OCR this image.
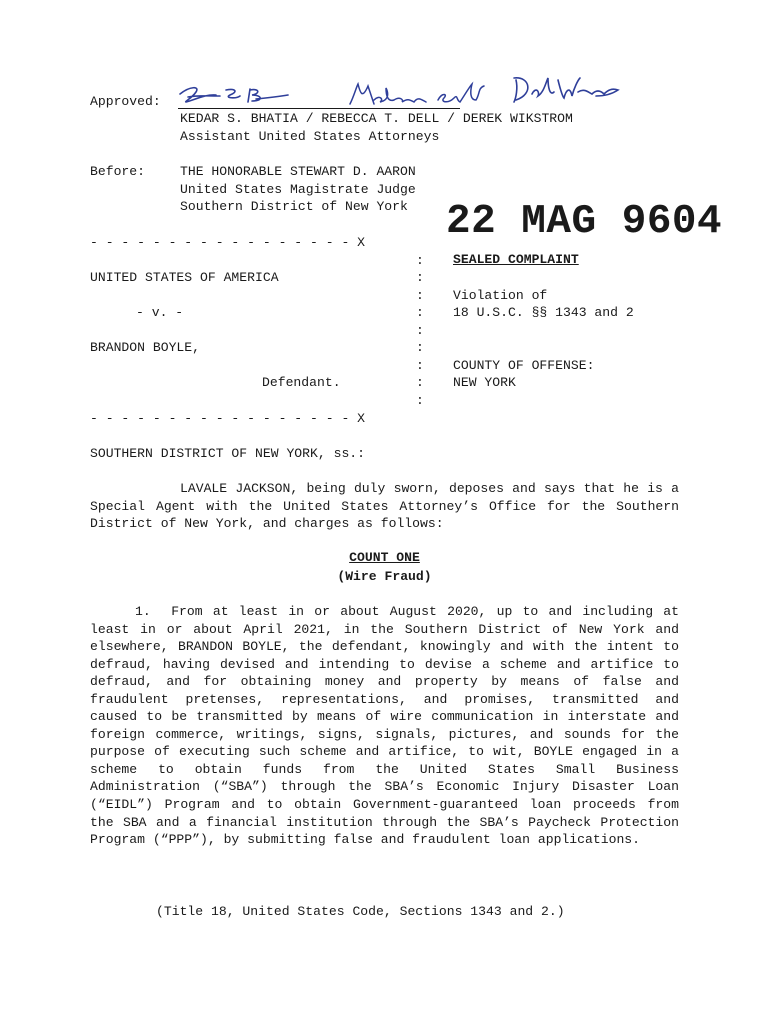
Approved:
KEDAR S. BHATIA / REBECCA T. DELL / DEREK WIKSTROM
Assistant United States Attorneys
Before:	THE HONORABLE STEWART D. AARON
United States Magistrate Judge
Southern District of New York 22 MAG 9604
- - - - - - - - - - - - - - - - - X
:
:
:
:
:
:
:
:
:
UNITED STATES OF AMERICA
- v. -
BRANDON BOYLE,
Defendant.
SEALED COMPLAINT
Violation of
18 U.S.C. §§ 1343 and 2
COUNTY OF OFFENSE:
NEW YORK
- - - - - - - - - - - - - - - - - X
SOUTHERN DISTRICT OF NEW YORK, ss.:

LAVALE JACKSON, being duly sworn, deposes and says that he is a Special Agent with the United States Attorney’s Office for the Southern District of New York, and charges as follows:

COUNT ONE
(Wire Fraud)

1. From at least in or about August 2020, up to and including at least in or about April 2021, in the Southern District of New York and elsewhere, BRANDON BOYLE, the defendant, knowingly and with the intent to defraud, having devised and intending to devise a scheme and artifice to defraud, and for obtaining money and property by means of false and fraudulent pretenses, representations, and promises, transmitted and caused to be transmitted by means of wire communication in interstate and foreign commerce, writings, signs, signals, pictures, and sounds for the purpose of executing such scheme and artifice, to wit, BOYLE engaged in a scheme to obtain funds from the United States Small Business Administration (“SBA”) through the SBA’s Economic Injury Disaster Loan (“EIDL”) Program and to obtain Government-guaranteed loan proceeds from the SBA and a financial institution through the SBA’s Paycheck Protection Program (“PPP”), by submitting false and fraudulent loan applications.

(Title 18, United States Code, Sections 1343 and 2.)
